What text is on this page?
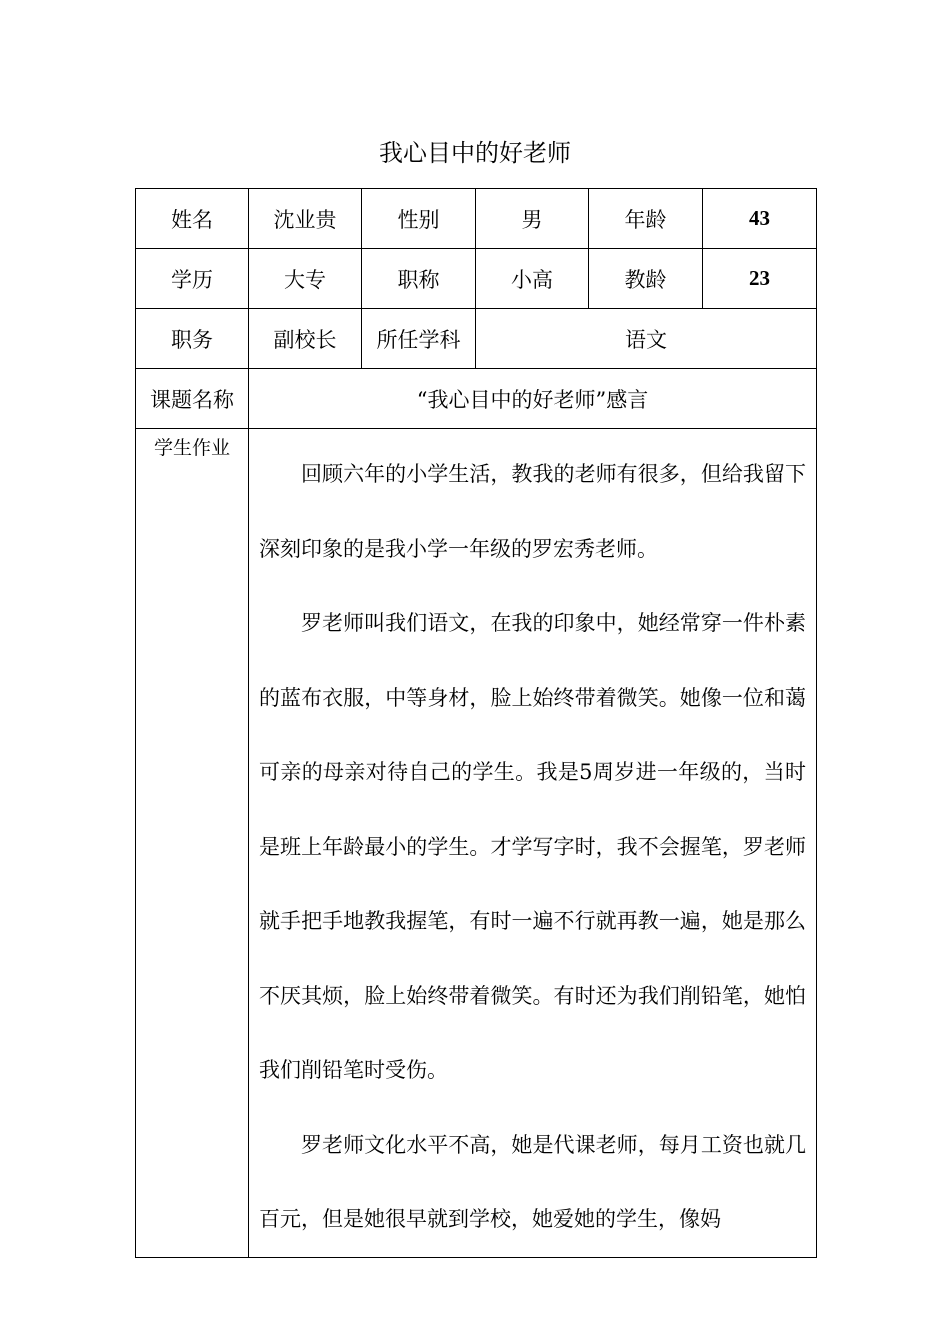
我心目中的好老师
姓名	沈业贵	性别	男	年龄	43
学历	大专	职称	小高	教龄	23
职务	副校长	所任学科	语文		
课题名称	“我心目中的好老师”感言				
学生作业	回顾六年的小学生活，教我的老师有很多，但给我留下深刻印象的是我小学一年级的罗宏秀老师。

罗老师叫我们语文，在我的印象中，她经常穿一件朴素的蓝布衣服，中等身材，脸上始终带着微笑。她像一位和蔼可亲的母亲对待自己的学生。我是5周岁进一年级的，当时是班上年龄最小的学生。才学写字时，我不会握笔，罗老师就手把手地教我握笔，有时一遍不行就再教一遍，她是那么不厌其烦，脸上始终带着微笑。有时还为我们削铅笔，她怕我们削铅笔时受伤。

罗老师文化水平不高，她是代课老师，每月工资也就几百元，但是她很早就到学校，她爱她的学生，像妈				
